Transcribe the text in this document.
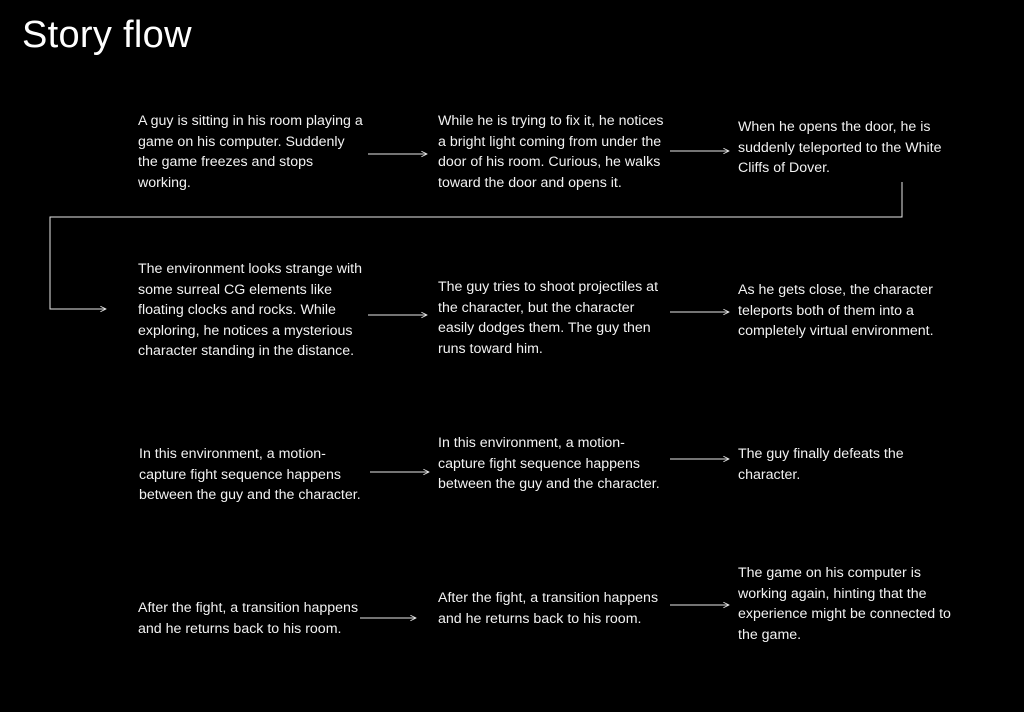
Story flow
A guy is sitting in his room playing a game on his computer. Suddenly the game freezes and stops working.
While he is trying to fix it, he notices a bright light coming from under the door of his room. Curious, he walks toward the door and opens it.
When he opens the door, he is suddenly teleported to the White Cliffs of Dover.
The environment looks strange with some surreal CG elements like floating clocks and rocks. While exploring, he notices a mysterious character standing in the distance.
The guy tries to shoot projectiles at the character, but the character easily dodges them. The guy then runs toward him.
As he gets close, the character teleports both of them into a completely virtual environment.
In this environment, a motion-capture fight sequence happens between the guy and the character.
In this environment, a motion-capture fight sequence happens between the guy and the character.
The guy finally defeats the character.
After the fight, a transition happens and he returns back to his room.
After the fight, a transition happens and he returns back to his room.
The game on his computer is working again, hinting that the experience might be connected to the game.
